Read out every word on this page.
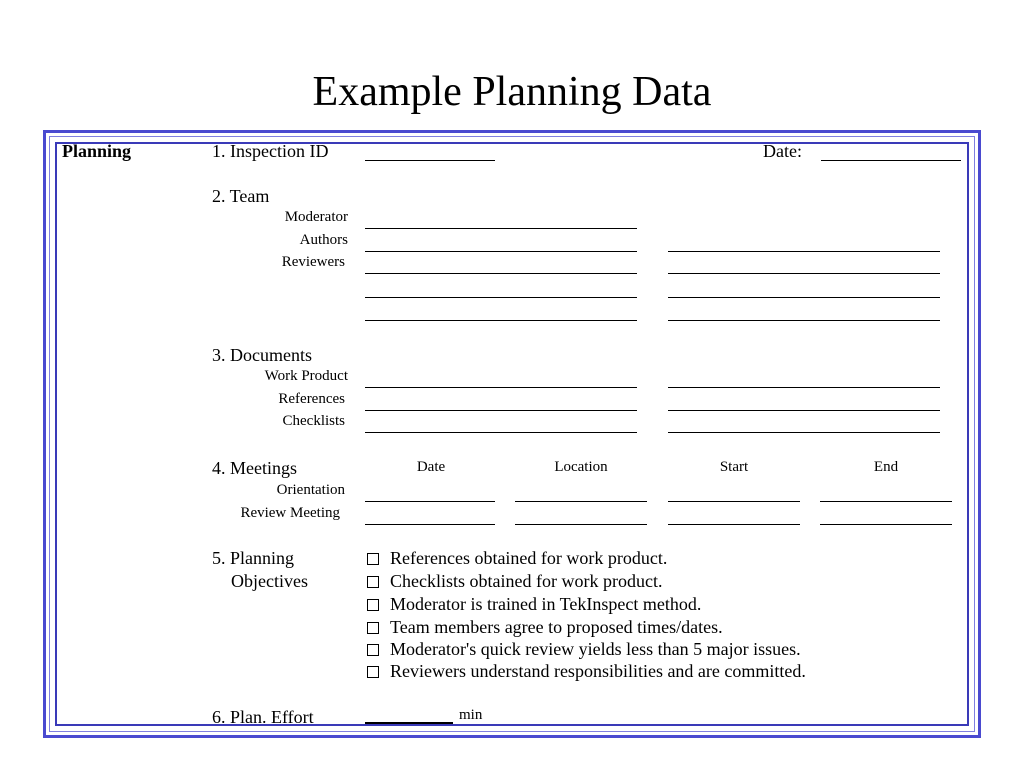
Example Planning Data
Planning	1. Inspection ID	Date:
2. Team
Moderator
Authors
Reviewers
3. Documents
Work Product
References
Checklists
4. Meetings	Date	Location	Start	End
Orientation
Review Meeting
5. Planning
Objectives
References obtained for work product.
Checklists obtained for work product.
Moderator is trained in TekInspect method.
Team members agree to proposed times/dates.
Moderator's quick review yields less than 5 major issues.
Reviewers understand responsibilities and are committed.
6. Plan. Effort	min
